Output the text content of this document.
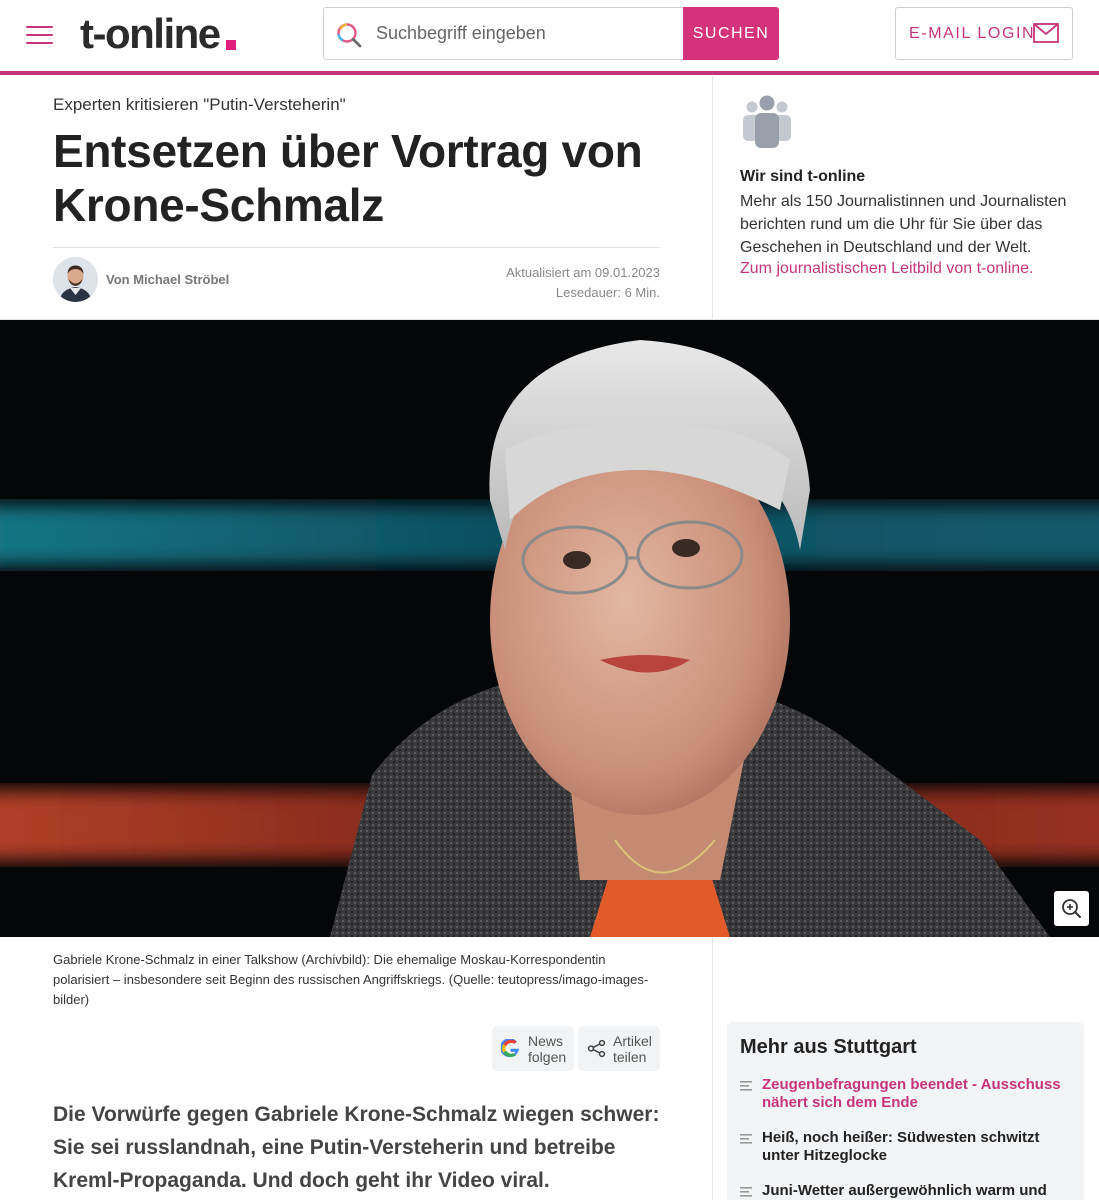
t-online
Suchbegriff eingeben	SUCHEN	E-MAIL LOGIN
Experten kritisieren "Putin-Versteherin"
Entsetzen über Vortrag von
Krone-Schmalz
Von Michael Ströbel	Aktualisiert am 09.01.2023
Lesedauer: 6 Min.
Wir sind t-online
Mehr als 150 Journalistinnen und Journalisten berichten rund um die Uhr für Sie über das Geschehen in Deutschland und der Welt.
Zum journalistischen Leitbild von t-online.
Gabriele Krone-Schmalz in einer Talkshow (Archivbild): Die ehemalige Moskau-Korrespondentin polarisiert – insbesondere seit Beginn des russischen Angriffskriegs. (Quelle: teutopress/imago-images-bilder)
News
folgen
Artikel
teilen

Die Vorwürfe gegen Gabriele Krone-Schmalz wiegen schwer: Sie sei russlandnah, eine Putin-Versteherin und betreibe Kreml-Propaganda. Und doch geht ihr Video viral.

Mehr aus Stuttgart
Zeugenbefragungen beendet - Ausschuss nähert sich dem Ende
Heiß, noch heißer: Südwesten schwitzt unter Hitzeglocke
Juni-Wetter außergewöhnlich warm und
